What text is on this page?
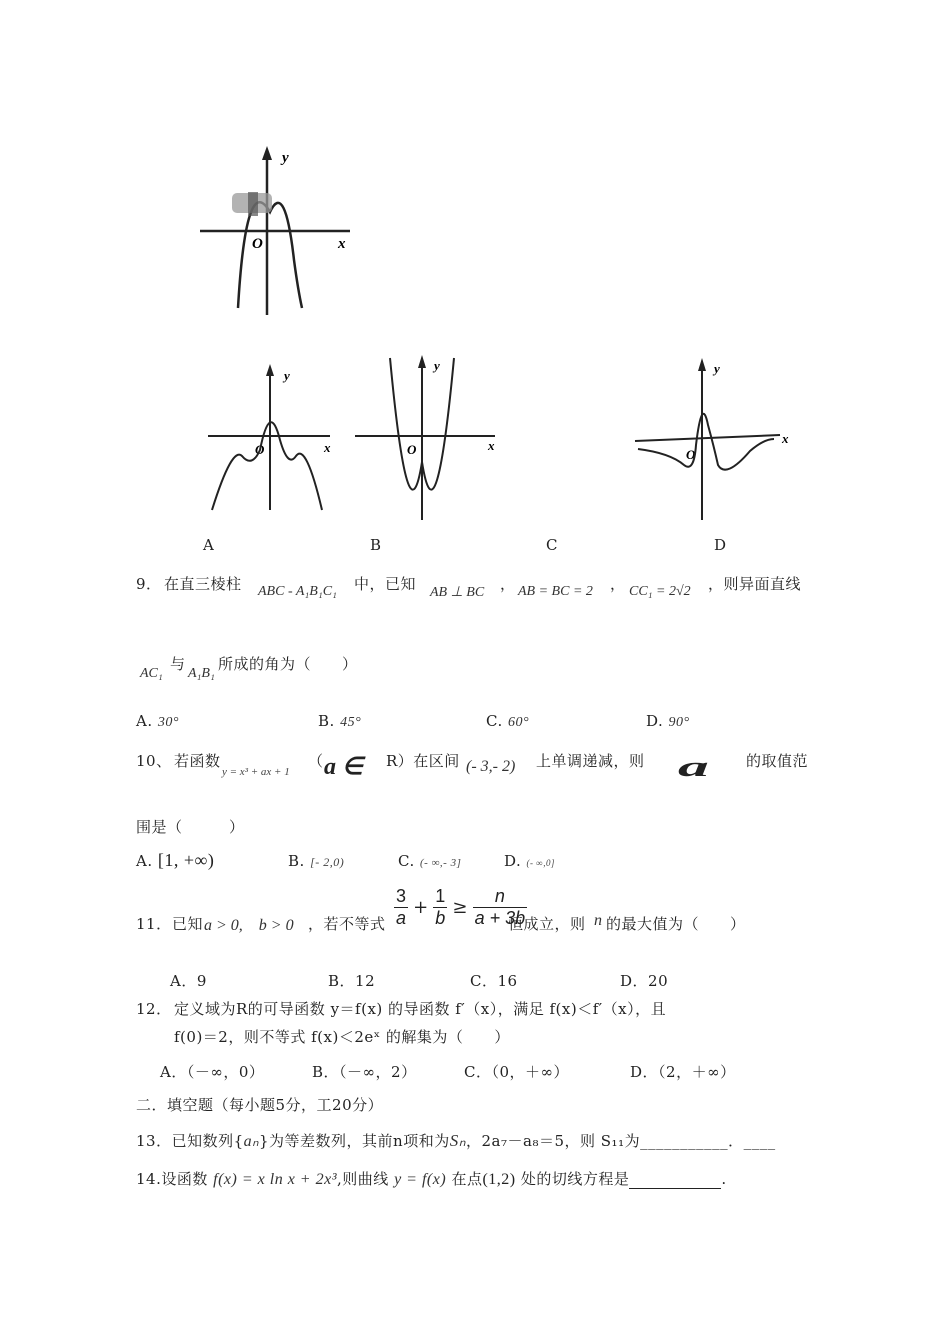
y
x
O
y
x
O
y
x
O
y
x
O
A	B	C	D
9． 在直三棱柱 ABC - A₁B₁C₁ 中，已知 AB ⊥ BC ， AB = BC = 2 ， CC₁ = 2√2 ，则异面直线
AC₁
与
A₁B₁
所成的角为（　　）
A. 30°	B. 45°	C. 60°	D. 90°
10、 若函数
y = x³ + ax + 1
（ a ∈ R）在区间 (- 3,- 2) 上单调递减，则 a 的取值范
围是（　　　）
A. [1, +∞)	B. [- 2,0)	C. (- ∞,- 3]	D. (- ∞,0]
11． 已知 a > 0,　b > 0 ，若不等式 $\frac{3}{a} + \frac{1}{b} \ge \frac{n}{a + 3b}$
恒成立，则 n 的最大值为（　　）
A．9	B．12	C．16	D．20
12． 定义域为R的可导函数 y＝f(x) 的导函数 f′（x），满足 f(x)＜f′（x），且
f(0)＝2，则不等式 f(x)＜2eˣ 的解集为（　　）
A．（－∞，0）	B．（－∞，2）	C．（0，＋∞）	D．（2，＋∞）
二．填空题（每小题5分，工20分）
13．已知数列{aₙ}为等差数列，其前n项和为Sₙ，2a₇－a₈＝5，则 S₁₁为___________．____
14.设函数 f(x) = x ln x + 2x³,则曲线 y = f(x) 在点(1,2) 处的切线方程是	.
